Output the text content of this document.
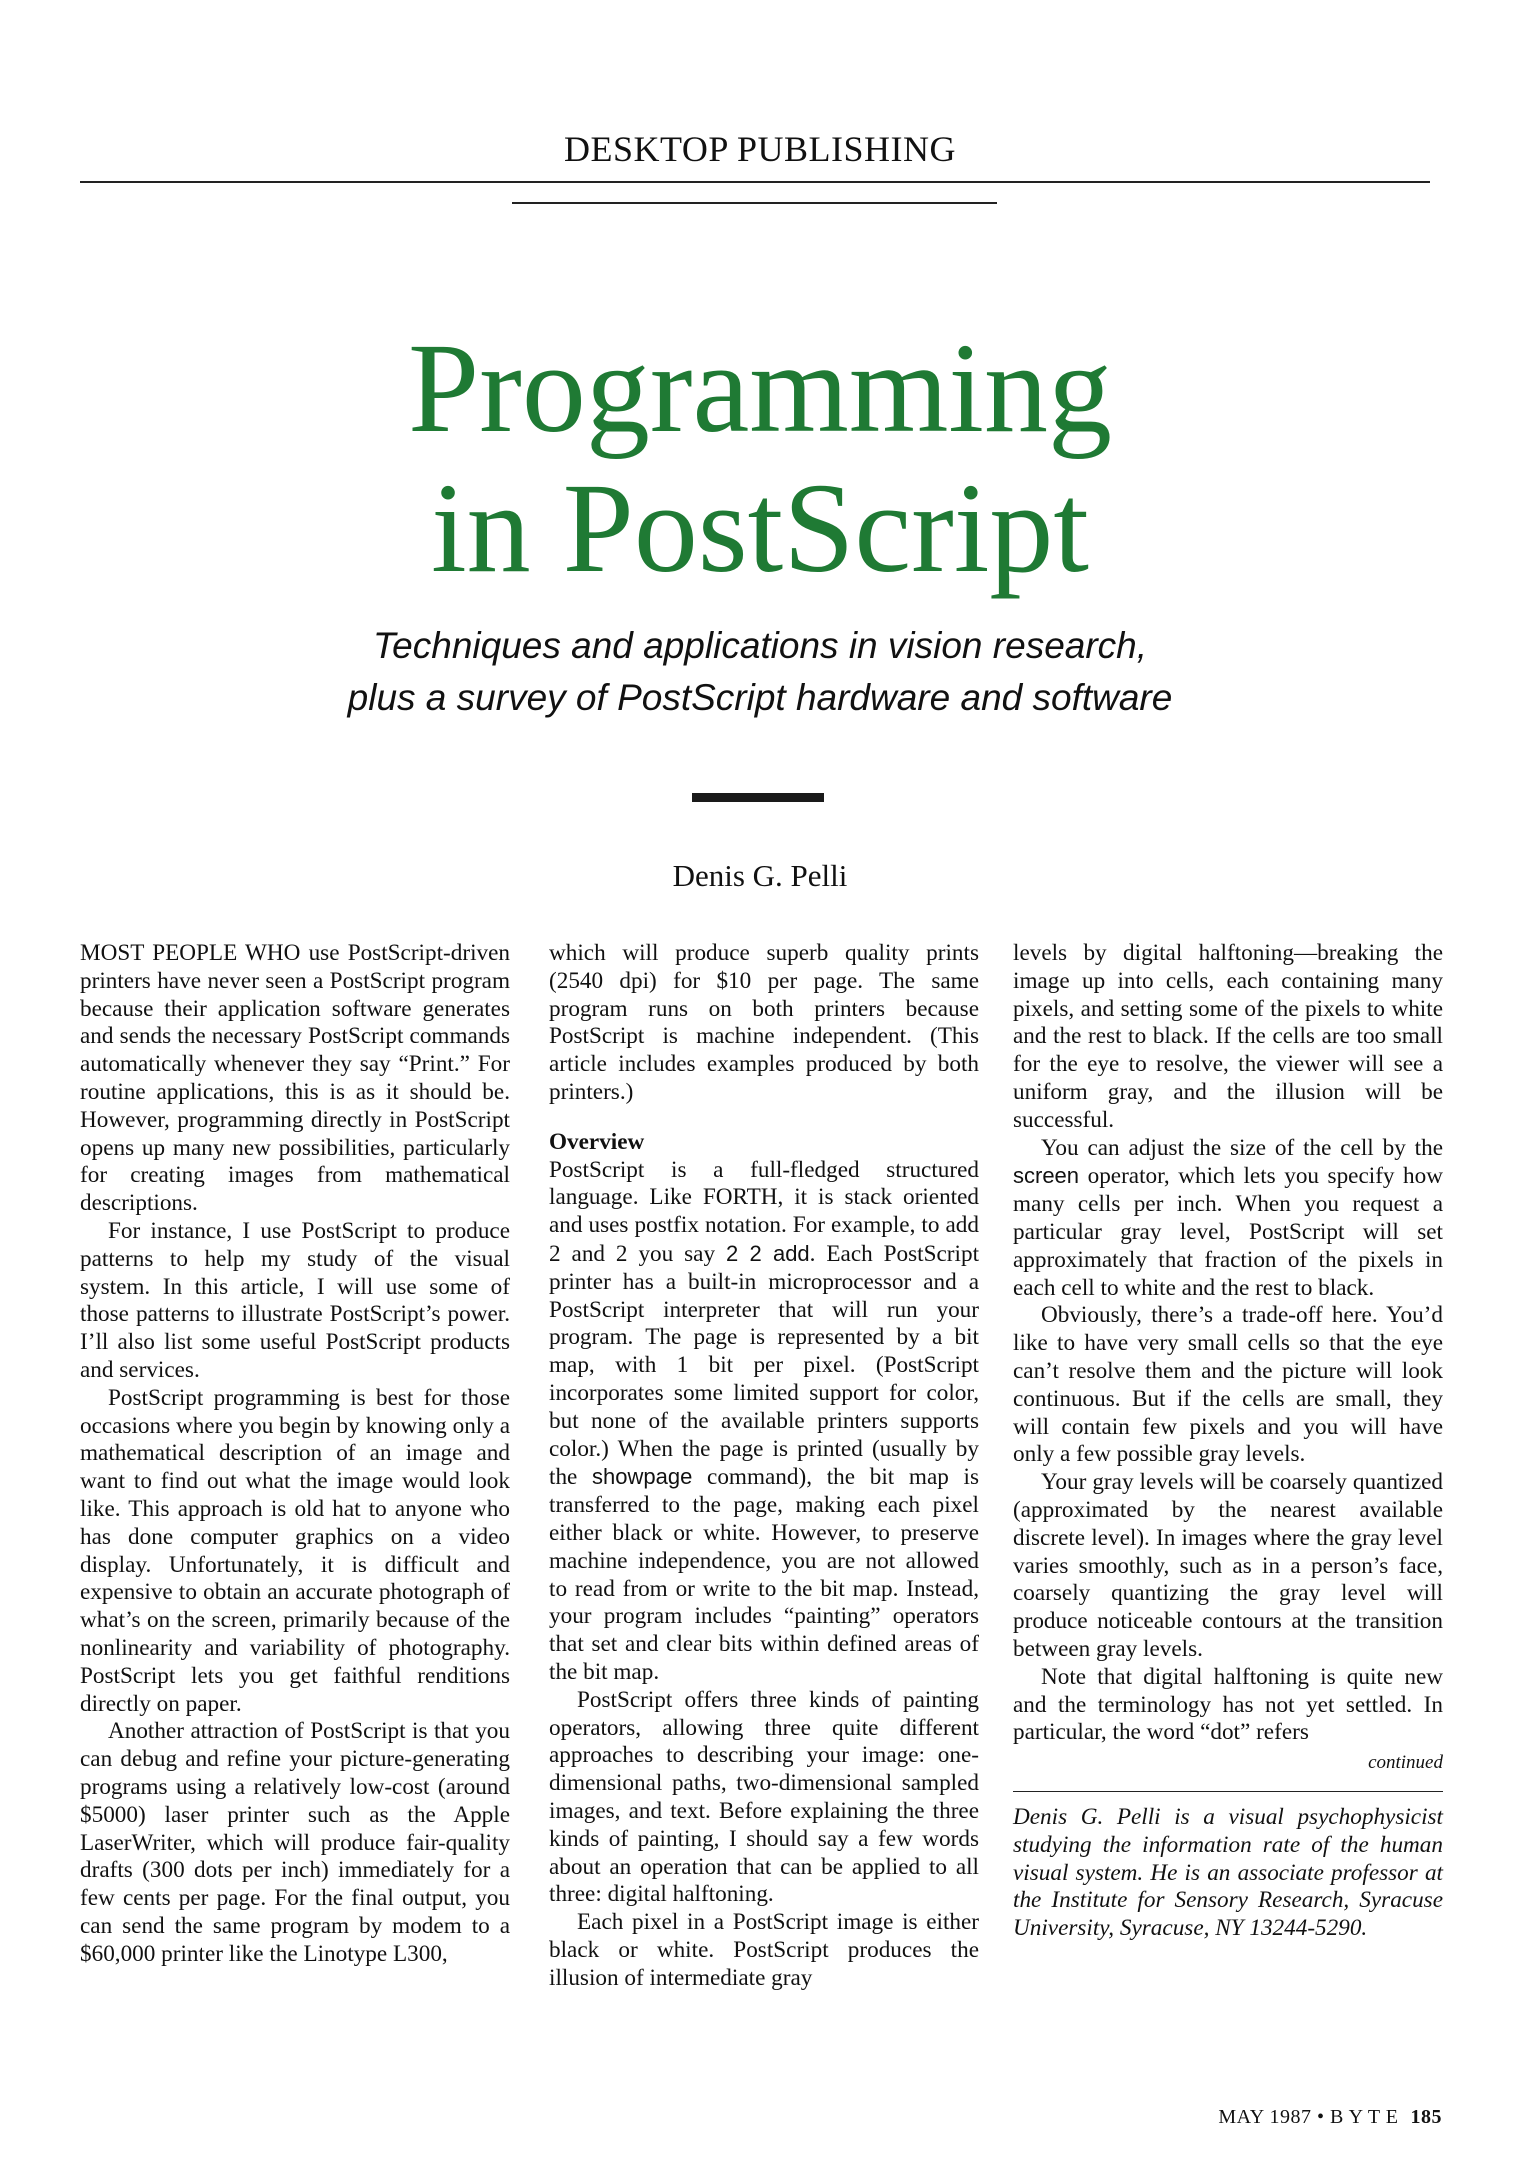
DESKTOP PUBLISHING
Programming
in PostScript
Techniques and applications in vision research,
plus a survey of PostScript hardware and software
Denis G. Pelli

MOST PEOPLE WHO use PostScript-driven printers have never seen a PostScript program because their application software generates and sends the necessary PostScript commands automatically whenever they say “Print.” For routine applications, this is as it should be. However, programming directly in PostScript opens up many new possibilities, particularly for creating images from mathematical descriptions.

For instance, I use PostScript to produce patterns to help my study of the visual system. In this article, I will use some of those patterns to illustrate PostScript’s power. I’ll also list some useful PostScript products and services.

PostScript programming is best for those occasions where you begin by knowing only a mathematical description of an image and want to find out what the image would look like. This approach is old hat to anyone who has done computer graphics on a video display. Unfortunately, it is difficult and expensive to obtain an accurate photograph of what’s on the screen, primarily because of the nonlinearity and variability of photography. PostScript lets you get faithful renditions directly on paper.

Another attraction of PostScript is that you can debug and refine your picture-generating programs using a relatively low-cost (around $5000) laser printer such as the Apple LaserWriter, which will produce fair-quality drafts (300 dots per inch) immediately for a few cents per page. For the final output, you can send the same program by modem to a $60,000 printer like the Linotype L300,

which will produce superb quality prints (2540 dpi) for $10 per page. The same program runs on both printers because PostScript is machine independent. (This article includes examples produced by both printers.)

Overview

PostScript is a full-fledged structured language. Like FORTH, it is stack oriented and uses postfix notation. For example, to add 2 and 2 you say 2 2 add. Each PostScript printer has a built-in microprocessor and a PostScript interpreter that will run your program. The page is represented by a bit map, with 1 bit per pixel. (PostScript incorporates some limited support for color, but none of the available printers supports color.) When the page is printed (usually by the showpage command), the bit map is transferred to the page, making each pixel either black or white. However, to preserve machine independence, you are not allowed to read from or write to the bit map. Instead, your program includes “painting” operators that set and clear bits within defined areas of the bit map.

PostScript offers three kinds of painting operators, allowing three quite different approaches to describing your image: one-dimensional paths, two-dimensional sampled images, and text. Before explaining the three kinds of painting, I should say a few words about an operation that can be applied to all three: digital halftoning.

Each pixel in a PostScript image is either black or white. PostScript produces the illusion of intermediate gray

levels by digital halftoning—breaking the image up into cells, each containing many pixels, and setting some of the pixels to white and the rest to black. If the cells are too small for the eye to resolve, the viewer will see a uniform gray, and the illusion will be successful.

You can adjust the size of the cell by the screen operator, which lets you specify how many cells per inch. When you request a particular gray level, PostScript will set approximately that fraction of the pixels in each cell to white and the rest to black.

Obviously, there’s a trade-off here. You’d like to have very small cells so that the eye can’t resolve them and the picture will look continuous. But if the cells are small, they will contain few pixels and you will have only a few possible gray levels.

Your gray levels will be coarsely quantized (approximated by the nearest available discrete level). In images where the gray level varies smoothly, such as in a person’s face, coarsely quantizing the gray level will produce noticeable contours at the transition between gray levels.

Note that digital halftoning is quite new and the terminology has not yet settled. In particular, the word “dot” refers

continued

Denis G. Pelli is a visual psychophysicist studying the information rate of the human visual system. He is an associate professor at the Institute for Sensory Research, Syracuse University, Syracuse, NY 13244-5290.

MAY 1987 • B Y T E 185
